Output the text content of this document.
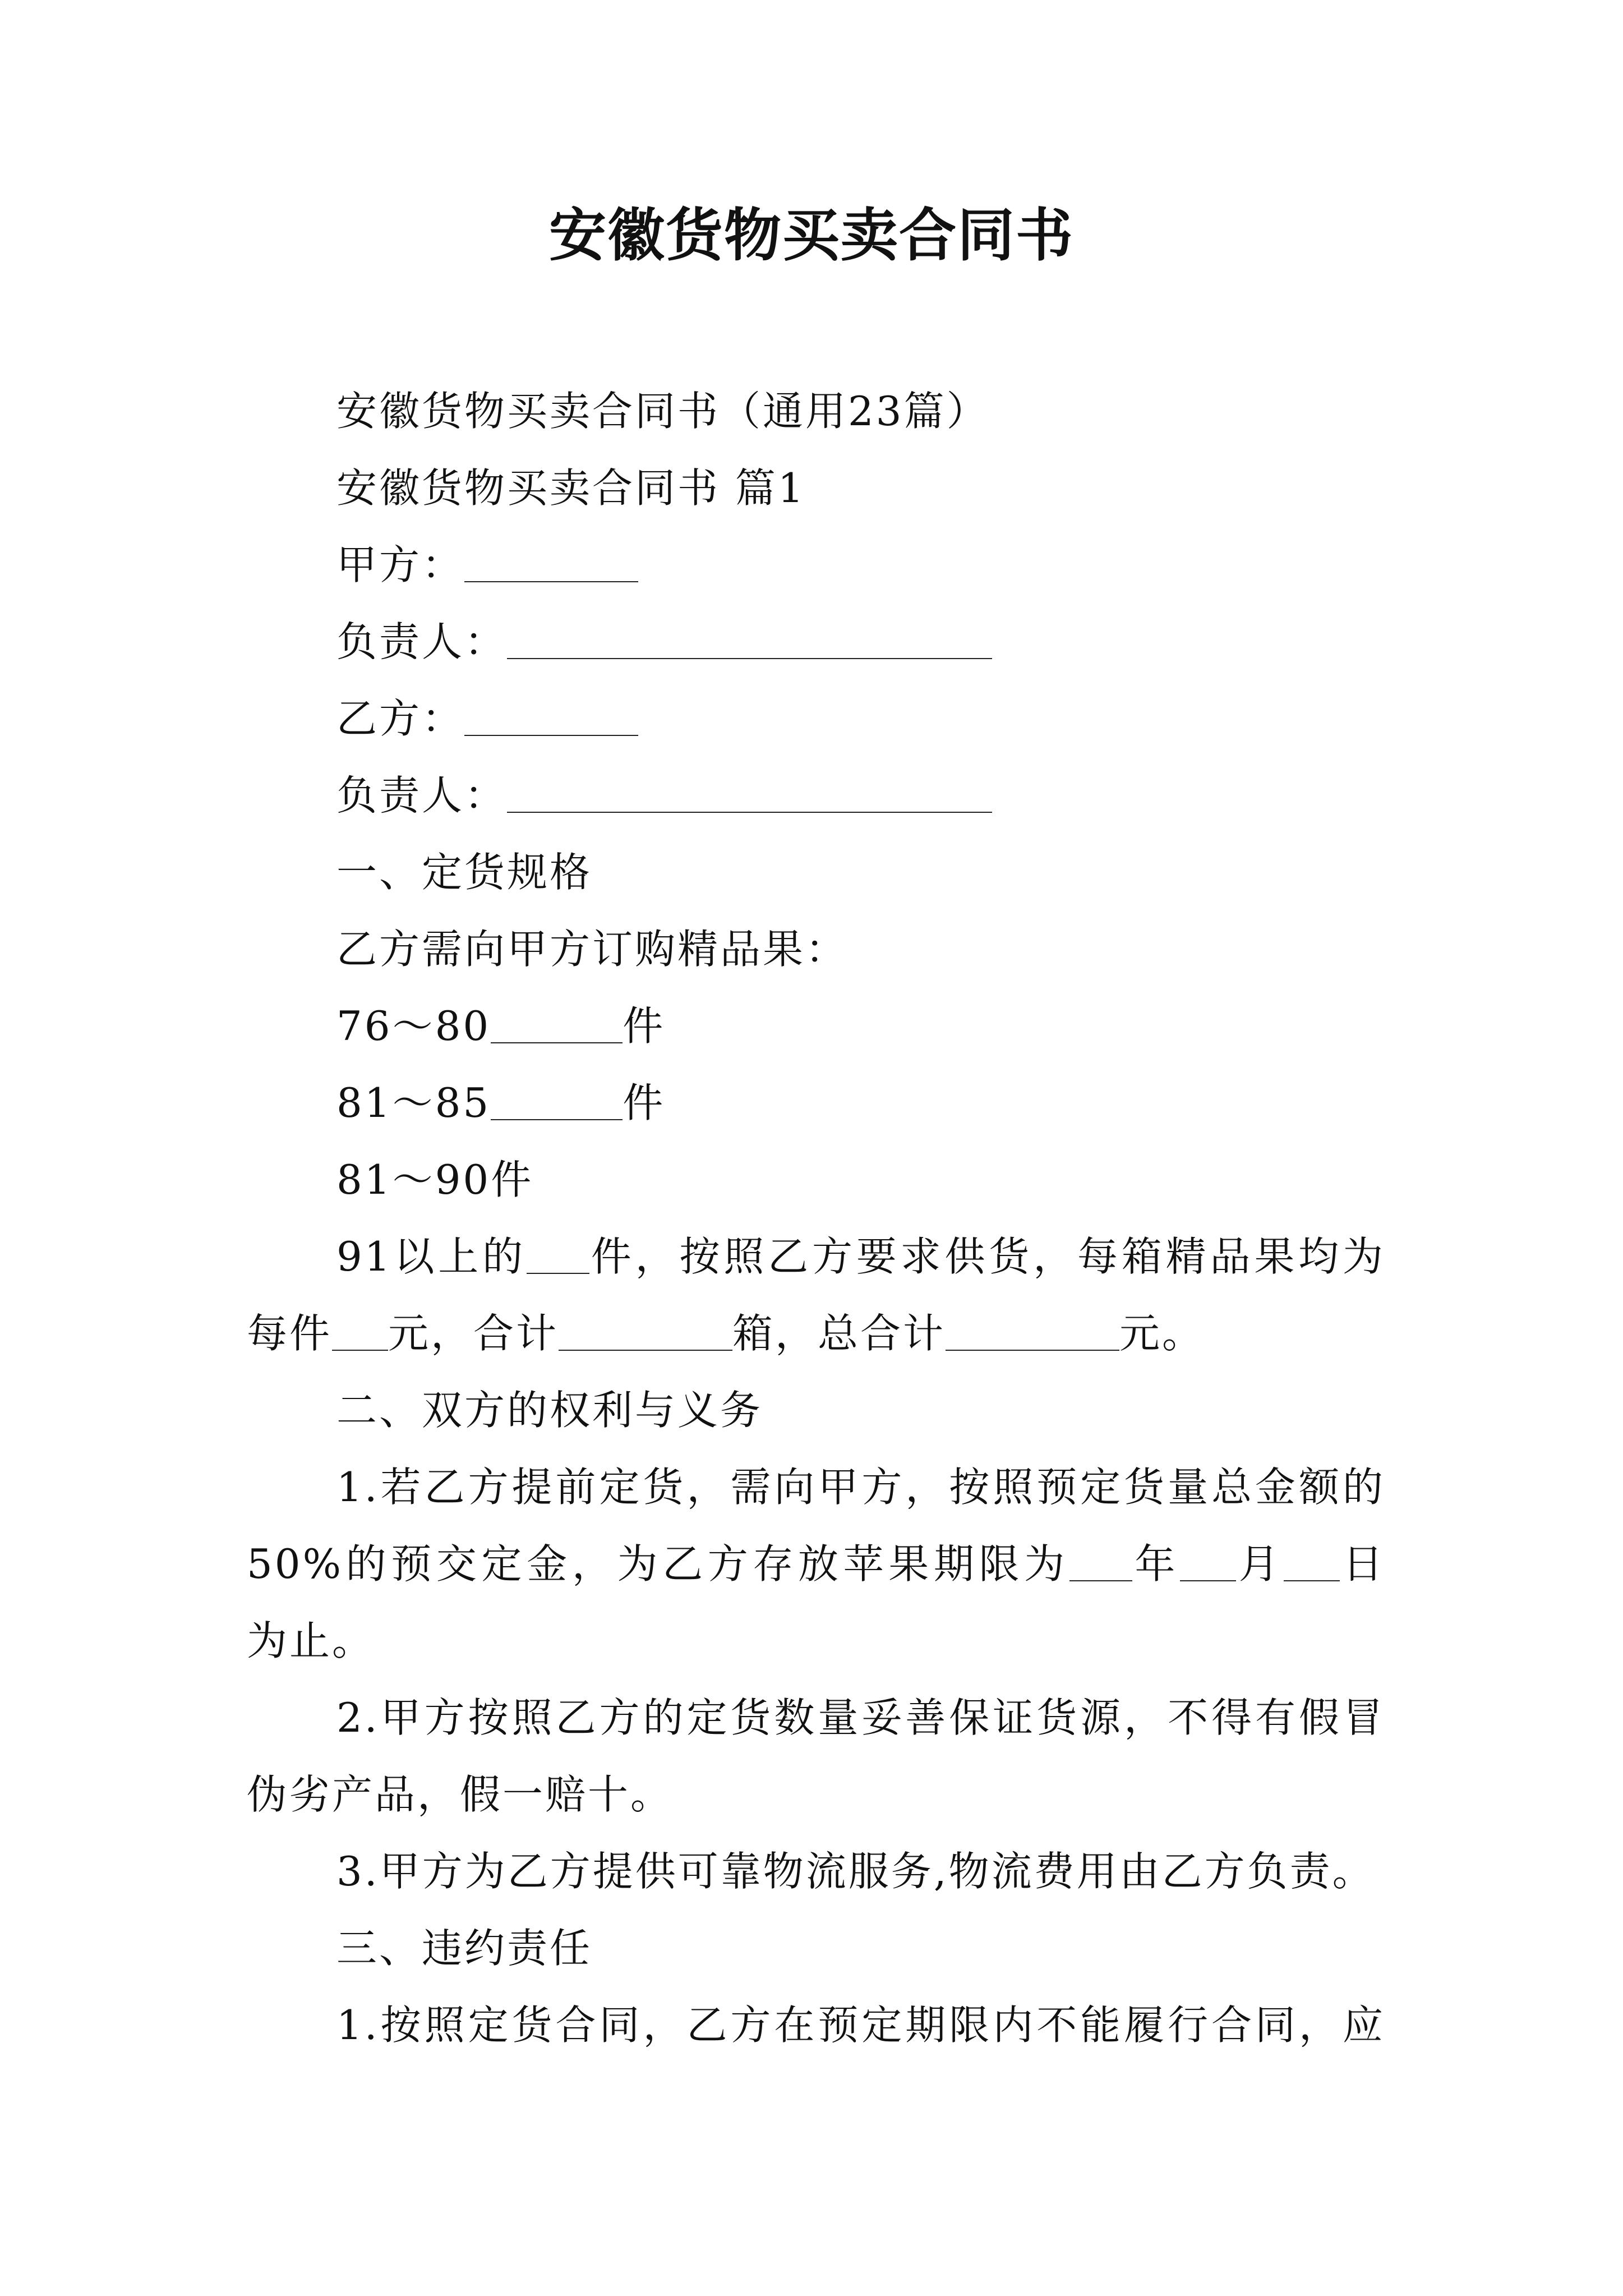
安徽货物买卖合同书
安徽货物买卖合同书（通用23篇）
安徽货物买卖合同书 篇1
甲方：
负责人：
乙方：
负责人：
一、定货规格
乙方需向甲方订购精品果：
76～80	件
81～85	件
81～90件
91以上的 件，按照乙方要求供货，每箱精品果均为
每件 元，合计	箱，总合计	元。
二、双方的权利与义务
1.若乙方提前定货，需向甲方，按照预定货量总金额的
50%的预交定金，为乙方存放苹果期限为 年 月 日
为止。
2.甲方按照乙方的定货数量妥善保证货源，不得有假冒
伪劣产品，假一赔十。
3.甲方为乙方提供可靠物流服务,物流费用由乙方负责。
三、违约责任
1.按照定货合同，乙方在预定期限内不能履行合同，应
